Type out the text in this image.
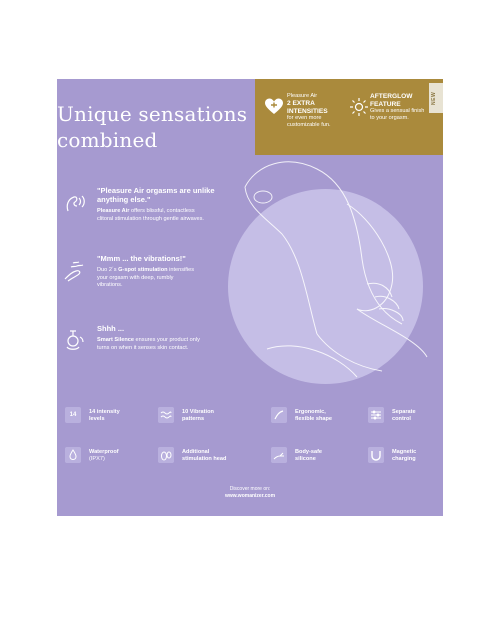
Unique sensations
combined
Pleasure Air
2 EXTRA
INTENSITIES
for even more
customizable fun.
AFTERGLOW
FEATURE
Gives a sensual finish
to your orgasm.
NEW
"Pleasure Air orgasms are unlike
anything else."
Pleasure Air offers blissful, contactless
clitoral stimulation through gentle airwaves.
"Mmm ... the vibrations!"
Duo 2´s G-spot stimulation intensifies
your orgasm with deep, rumbly
vibrations.
Shhh ...
Smart Silence ensures your product only
turns on when it senses skin contact.
14	14 intensity
levels
10 Vibration
patterns
Ergonomic,
flexible shape
Separate
control
Waterproof
(IPX7)
Additional
stimulation head
Body-safe
silicone
Magnetic
charging
Discover more on:
www.womanizer.com
